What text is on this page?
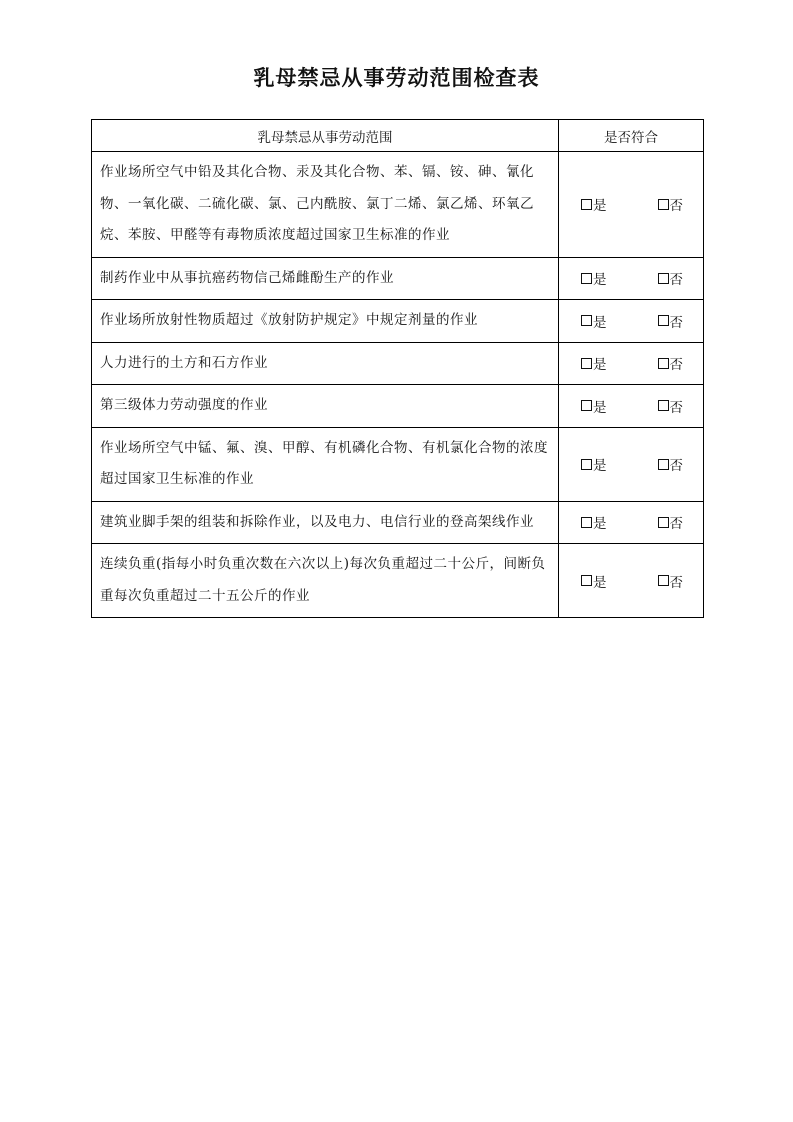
乳母禁忌从事劳动范围检查表
乳母禁忌从事劳动范围	是否符合
作业场所空气中铅及其化合物、汞及其化合物、苯、镉、铵、砷、氰化物、一氧化碳、二硫化碳、氯、己内酰胺、氯丁二烯、氯乙烯、环氧乙烷、苯胺、甲醛等有毒物质浓度超过国家卫生标准的作业	是 否

制药作业中从事抗癌药物信己烯雌酚生产的作业	是 否

作业场所放射性物质超过《放射防护规定》中规定剂量的作业	是 否

人力进行的土方和石方作业	是 否

第三级体力劳动强度的作业	是 否

作业场所空气中锰、氟、溴、甲醇、有机磷化合物、有机氯化合物的浓度超过国家卫生标准的作业	是 否

建筑业脚手架的组装和拆除作业，以及电力、电信行业的登高架线作业	是 否

连续负重(指每小时负重次数在六次以上)每次负重超过二十公斤，间断负重每次负重超过二十五公斤的作业	是 否
